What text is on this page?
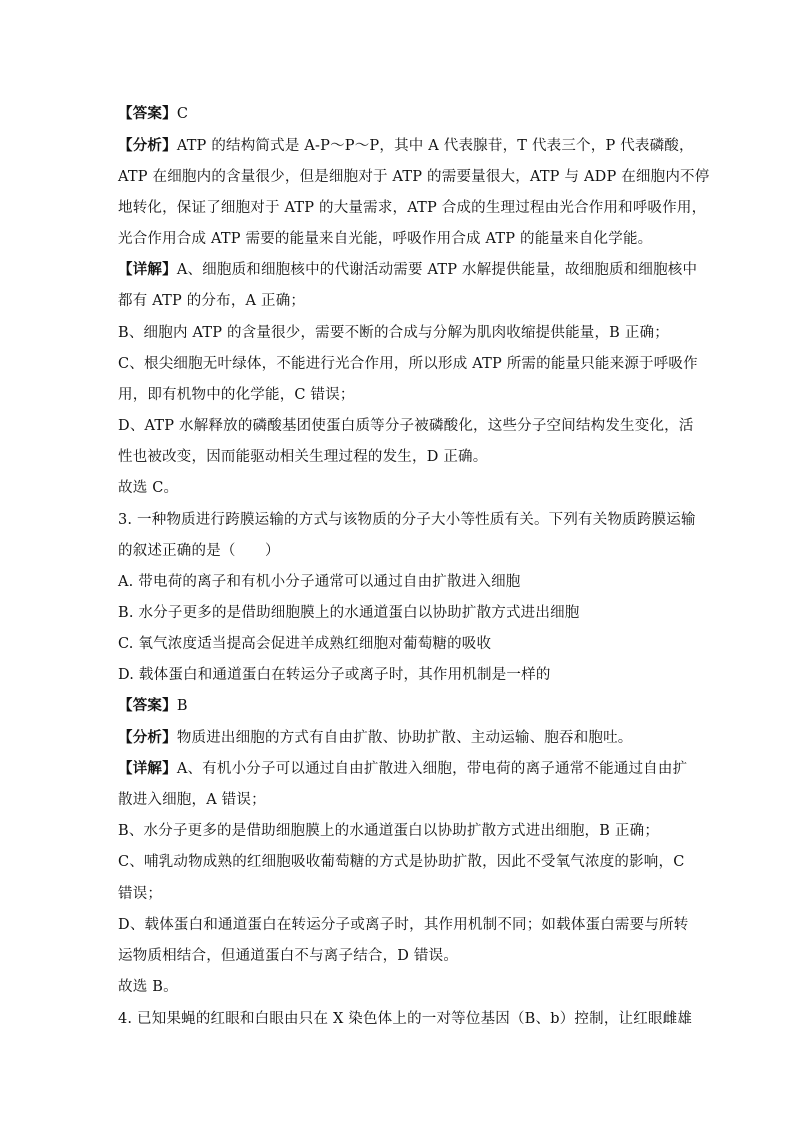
【答案】C
【分析】ATP 的结构简式是 A-P～P～P，其中 A 代表腺苷，T 代表三个，P 代表磷酸，
ATP 在细胞内的含量很少，但是细胞对于 ATP 的需要量很大，ATP 与 ADP 在细胞内不停
地转化，保证了细胞对于 ATP 的大量需求，ATP 合成的生理过程由光合作用和呼吸作用，
光合作用合成 ATP 需要的能量来自光能，呼吸作用合成 ATP 的能量来自化学能。
【详解】A、细胞质和细胞核中的代谢活动需要 ATP 水解提供能量，故细胞质和细胞核中
都有 ATP 的分布，A 正确；
B、细胞内 ATP 的含量很少，需要不断的合成与分解为肌肉收缩提供能量，B 正确；
C、根尖细胞无叶绿体，不能进行光合作用，所以形成 ATP 所需的能量只能来源于呼吸作
用，即有机物中的化学能，C 错误；
D、ATP 水解释放的磷酸基团使蛋白质等分子被磷酸化，这些分子空间结构发生变化，活
性也被改变，因而能驱动相关生理过程的发生，D 正确。
故选 C。
3. 一种物质进行跨膜运输的方式与该物质的分子大小等性质有关。下列有关物质跨膜运输
的叙述正确的是（　　）
A. 带电荷的离子和有机小分子通常可以通过自由扩散进入细胞
B. 水分子更多的是借助细胞膜上的水通道蛋白以协助扩散方式进出细胞
C. 氧气浓度适当提高会促进羊成熟红细胞对葡萄糖的吸收
D. 载体蛋白和通道蛋白在转运分子或离子时，其作用机制是一样的
【答案】B
【分析】物质进出细胞的方式有自由扩散、协助扩散、主动运输、胞吞和胞吐。
【详解】A、有机小分子可以通过自由扩散进入细胞，带电荷的离子通常不能通过自由扩
散进入细胞，A 错误；
B、水分子更多的是借助细胞膜上的水通道蛋白以协助扩散方式进出细胞，B 正确；
C、哺乳动物成熟的红细胞吸收葡萄糖的方式是协助扩散，因此不受氧气浓度的影响，C
错误；
D、载体蛋白和通道蛋白在转运分子或离子时，其作用机制不同；如载体蛋白需要与所转
运物质相结合，但通道蛋白不与离子结合，D 错误。
故选 B。
4. 已知果蝇的红眼和白眼由只在 X 染色体上的一对等位基因（B、b）控制，让红眼雌雄
